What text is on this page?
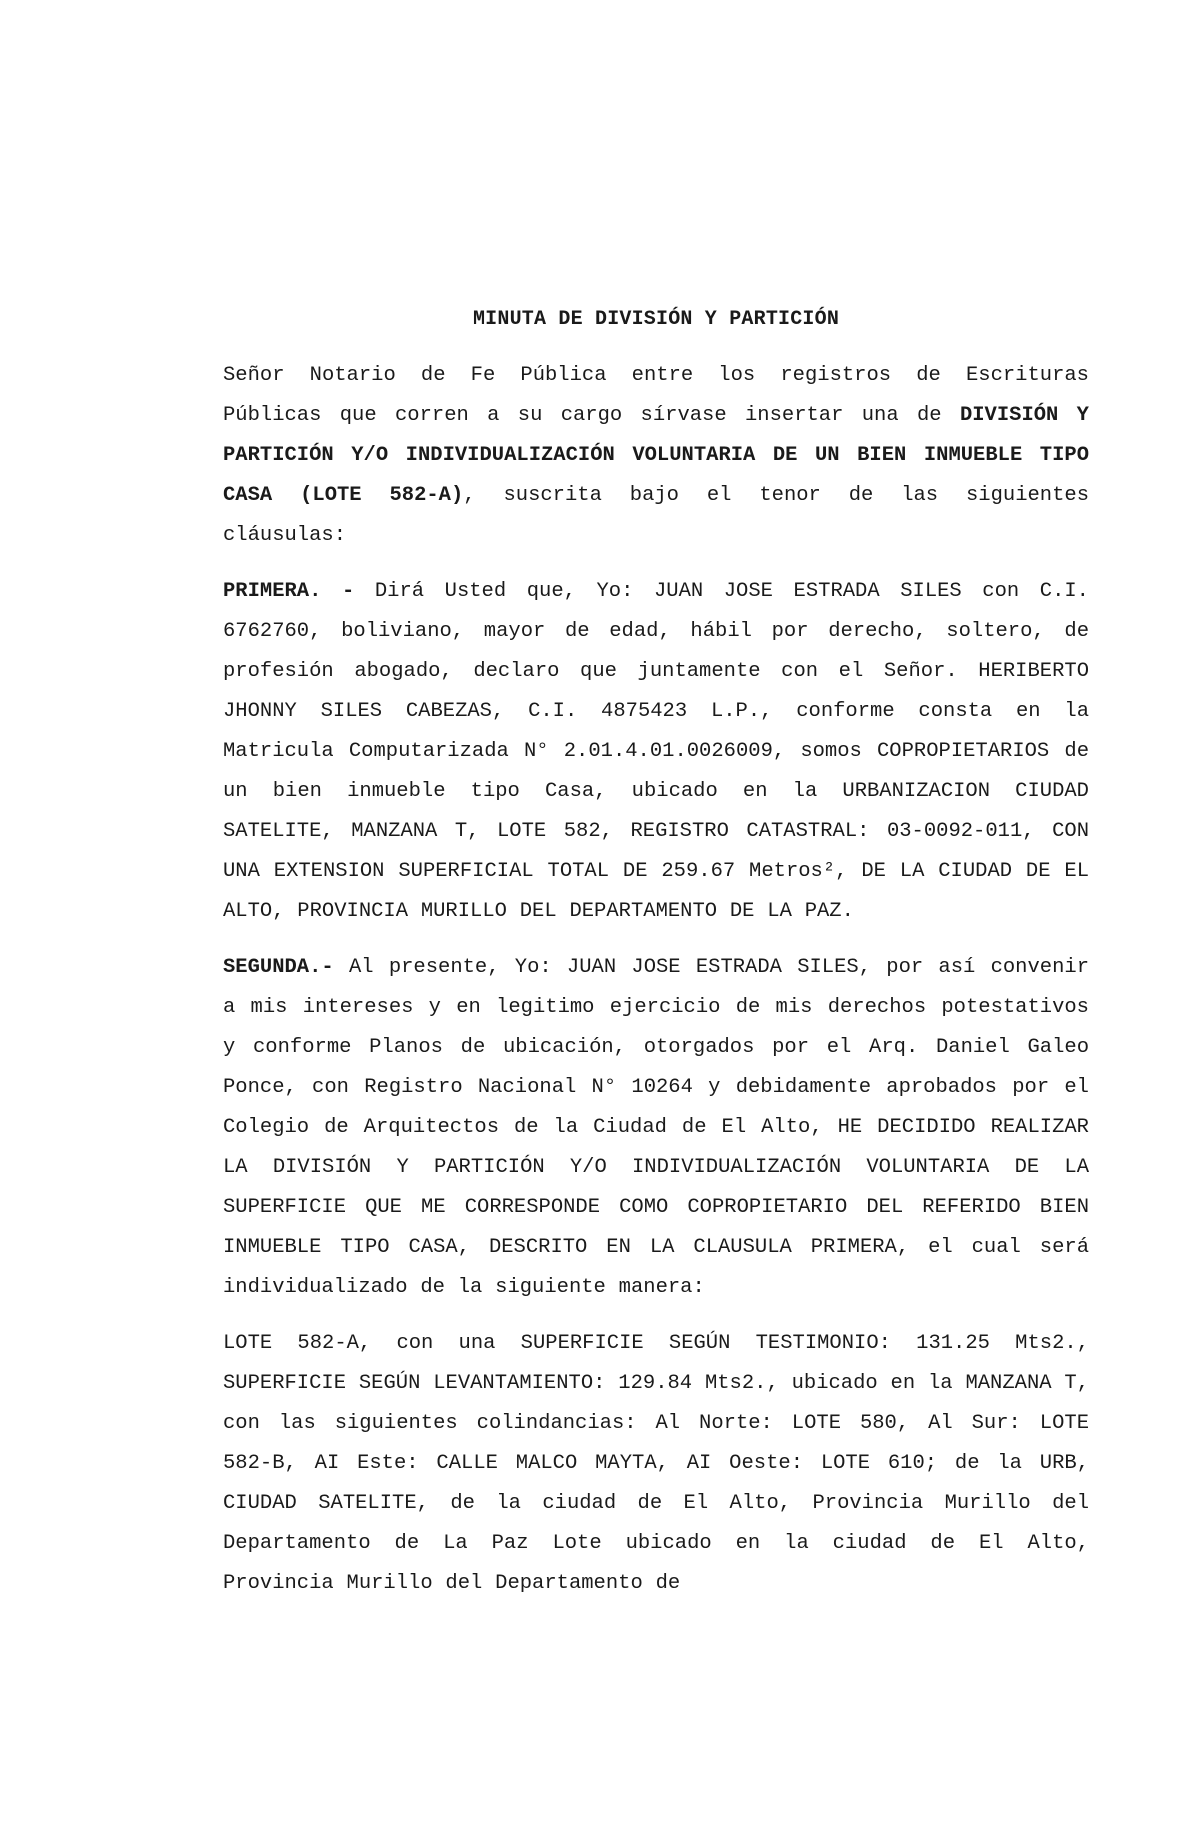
MINUTA DE DIVISIÓN Y PARTICIÓN

Señor Notario de Fe Pública entre los registros de Escrituras Públicas que corren a su cargo sírvase insertar una de DIVISIÓN Y PARTICIÓN Y/O INDIVIDUALIZACIÓN VOLUNTARIA DE UN BIEN INMUEBLE TIPO CASA (LOTE 582-A), suscrita bajo el tenor de las siguientes cláusulas:

PRIMERA. - Dirá Usted que, Yo: JUAN JOSE ESTRADA SILES con C.I. 6762760, boliviano, mayor de edad, hábil por derecho, soltero, de profesión abogado, declaro que juntamente con el Señor. HERIBERTO JHONNY SILES CABEZAS, C.I. 4875423 L.P., conforme consta en la Matricula Computarizada N° 2.01.4.01.0026009, somos COPROPIETARIOS de un bien inmueble tipo Casa, ubicado en la URBANIZACION CIUDAD SATELITE, MANZANA T, LOTE 582, REGISTRO CATASTRAL: 03-0092-011, CON UNA EXTENSION SUPERFICIAL TOTAL DE 259.67 Metros², DE LA CIUDAD DE EL ALTO, PROVINCIA MURILLO DEL DEPARTAMENTO DE LA PAZ.

SEGUNDA.- Al presente, Yo: JUAN JOSE ESTRADA SILES, por así convenir a mis intereses y en legitimo ejercicio de mis derechos potestativos y conforme Planos de ubicación, otorgados por el Arq. Daniel Galeo Ponce, con Registro Nacional N° 10264 y debidamente aprobados por el Colegio de Arquitectos de la Ciudad de El Alto, HE DECIDIDO REALIZAR LA DIVISIÓN Y PARTICIÓN Y/O INDIVIDUALIZACIÓN VOLUNTARIA DE LA SUPERFICIE QUE ME CORRESPONDE COMO COPROPIETARIO DEL REFERIDO BIEN INMUEBLE TIPO CASA, DESCRITO EN LA CLAUSULA PRIMERA, el cual será individualizado de la siguiente manera:

LOTE 582-A, con una SUPERFICIE SEGÚN TESTIMONIO: 131.25 Mts2., SUPERFICIE SEGÚN LEVANTAMIENTO: 129.84 Mts2., ubicado en la MANZANA T, con las siguientes colindancias: Al Norte: LOTE 580, Al Sur: LOTE 582-B, AI Este: CALLE MALCO MAYTA, AI Oeste: LOTE 610; de la URB, CIUDAD SATELITE, de la ciudad de El Alto, Provincia Murillo del Departamento de La Paz Lote ubicado en la ciudad de El Alto, Provincia Murillo del Departamento de
